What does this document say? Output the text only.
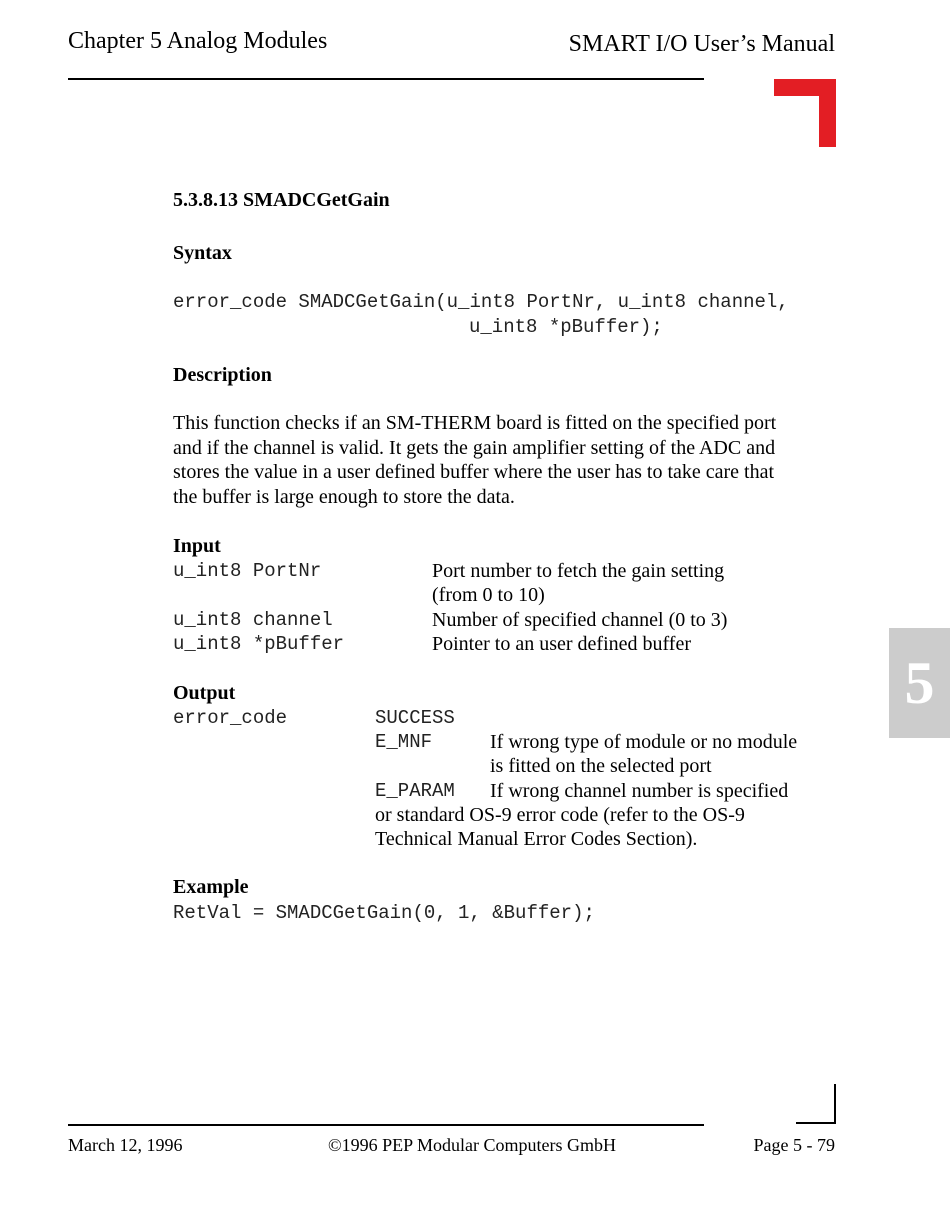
Chapter 5 Analog Modules	SMART I/O User’s Manual
5
5.3.8.13 SMADCGetGain
Syntax
error_code SMADCGetGain(u_int8 PortNr, u_int8 channel,
u_int8 *pBuffer);
Description
This function checks if an SM-THERM board is fitted on the specified port
and if the channel is valid. It gets the gain amplifier setting of the ADC and
stores the value in a user defined buffer where the user has to take care that
the buffer is large enough to store the data.
Input
u_int8 PortNr	Port number to fetch the gain setting
(from 0 to 10)
u_int8 channel	Number of specified channel (0 to 3)
u_int8 *pBuffer	Pointer to an user defined buffer
Output
error_code	SUCCESS
E_MNF	If wrong type of module or no module
is fitted on the selected port
E_PARAM If wrong channel number is specified
or standard OS-9 error code (refer to the OS-9
Technical Manual Error Codes Section).
Example
RetVal = SMADCGetGain(0, 1, &Buffer);
March 12, 1996	©1996 PEP Modular Computers GmbH	Page 5 - 79
